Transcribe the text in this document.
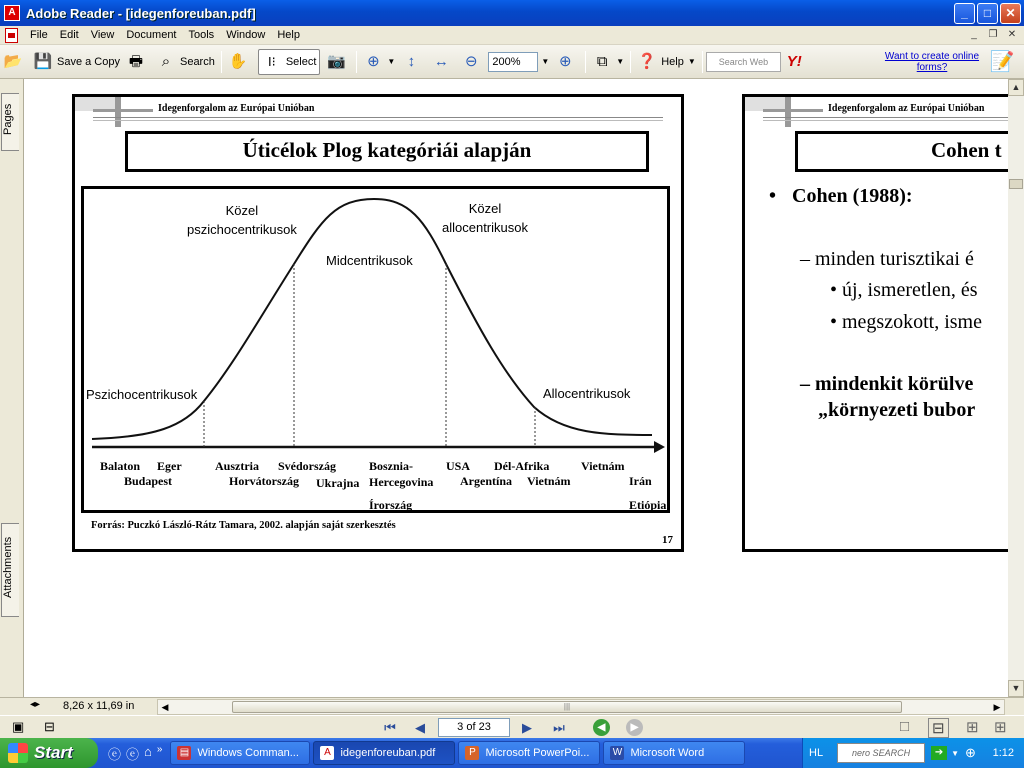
A Adobe Reader - [idegenforeuban.pdf]	_	□	✕
File	Edit	View	Document	Tools	Window	Help	_	❐	✕
📂 💾 Save a Copy 🖶	⌕ Search ✋	I⁝ Select 📷 ⊕ ▼ ↕	↔ ⊖	200%	▼ ⊕	⧉	▼ ❓ Help ▼	Search Web	Y!	Want to create online forms?	📝
Pages
Attachments
Idegenforgalom az Európai Unióban
Úticélok Plog kategóriái alapján
Pszichocentrikusok
Közel
pszichocentrikusok
Midcentrikusok
Közel
allocentrikusok
Allocentrikusok
Balaton Eger
Budapest
Ausztria
Horvátország
Svédország
Ukrajna
Bosznia-
Hercegovina
Írország
USA
Argentína
Dél-Afrika
Vietnám
Vietnám
Irán
Etiópia
Forrás: Puczkó László-Rátz Tamara, 2002. alapján saját szerkesztés
17
Idegenforgalom az Európai Unióban
Cohen t
• Cohen (1988):
– minden turisztikai é
• új, ismeretlen, és
• megszokott, isme
– mindenkit körülve
„környezeti bubor
▲
▼
◂▸ 8,26 x 11,69 in	◀	|||	▶
▣ ⊟	⏮	◀	3 of 23	▶	⏭	◀	▶	□ ⊟ ⊞ ⊞
Start	ⓔ ⓔ ⌂ » ▤ Windows Comman...	A idegenforeuban.pdf	P Microsoft PowerPoi... W Microsoft Word	HL	nero SEARCH	➔ ▼ ⊕ 1:12
